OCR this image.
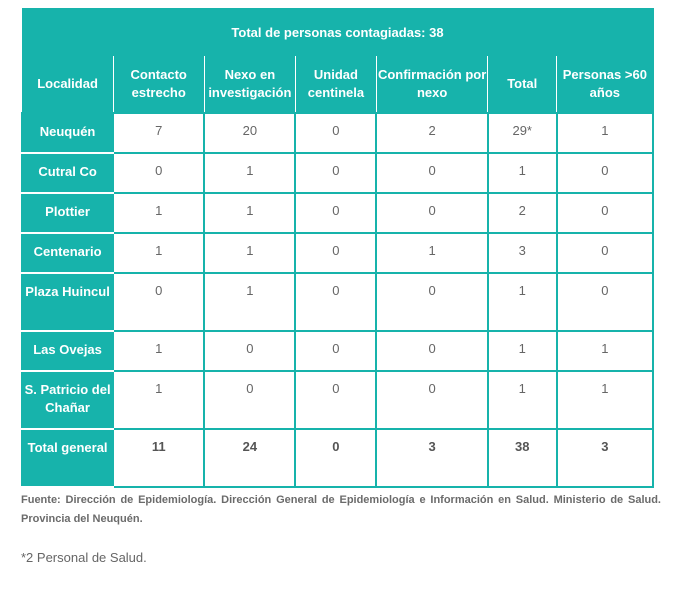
Total de personas contagiadas: 38						
Localidad	Contacto estrecho	Nexo en investigación	Unidad centinela	Confirmación por nexo	Total	Personas >60 años
Neuquén	7	20	0	2	29*	1
Cutral Co	0	1	0	0	1	0
Plottier	1	1	0	0	2	0
Centenario	1	1	0	1	3	0
Plaza Huincul	0	1	0	0	1	0
Las Ovejas	1	0	0	0	1	1
S. Patricio del Chañar	1	0	0	0	1	1
Total general	11	24	0	3	38	3
Fuente: Dirección de Epidemiología. Dirección General de Epidemiología e Información en Salud. Ministerio de Salud. Provincia del Neuquén.
*2 Personal de Salud.
